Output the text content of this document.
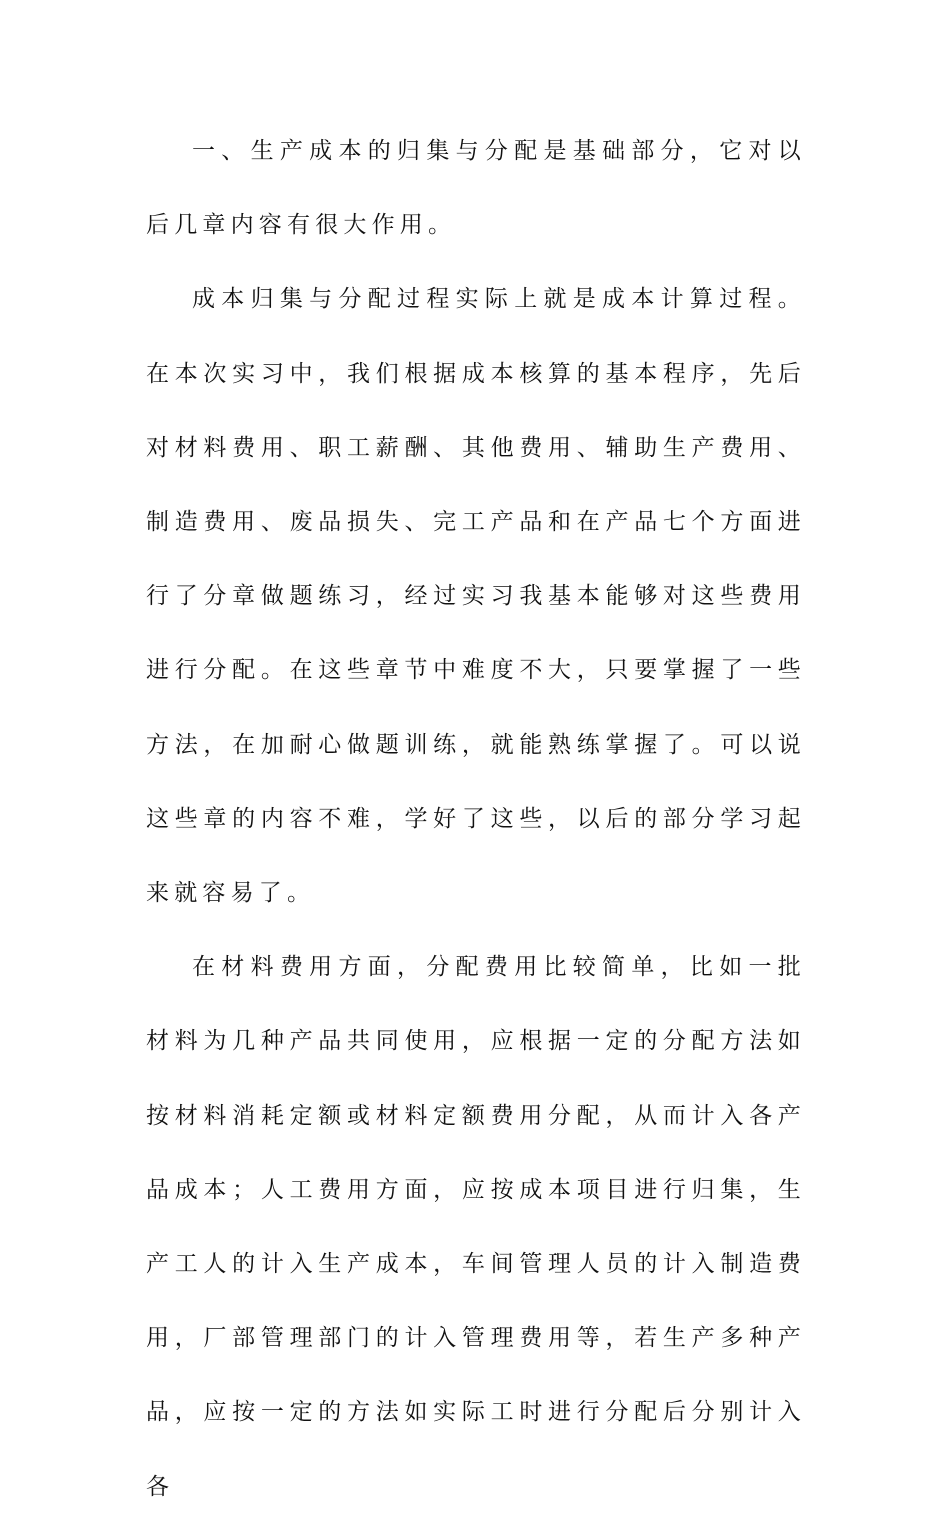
一、生产成本的归集与分配是基础部分，它对以后几章内容有很大作用。

成本归集与分配过程实际上就是成本计算过程。在本次实习中，我们根据成本核算的基本程序，先后对材料费用、职工薪酬、其他费用、辅助生产费用、制造费用、废品损失、完工产品和在产品七个方面进行了分章做题练习，经过实习我基本能够对这些费用进行分配。在这些章节中难度不大，只要掌握了一些方法，在加耐心做题训练，就能熟练掌握了。可以说这些章的内容不难，学好了这些，以后的部分学习起来就容易了。

在材料费用方面，分配费用比较简单，比如一批材料为几种产品共同使用，应根据一定的分配方法如按材料消耗定额或材料定额费用分配，从而计入各产品成本；人工费用方面，应按成本项目进行归集，生产工人的计入生产成本，车间管理人员的计入制造费用，厂部管理部门的计入管理费用等，若生产多种产品，应按一定的方法如实际工时进行分配后分别计入各
